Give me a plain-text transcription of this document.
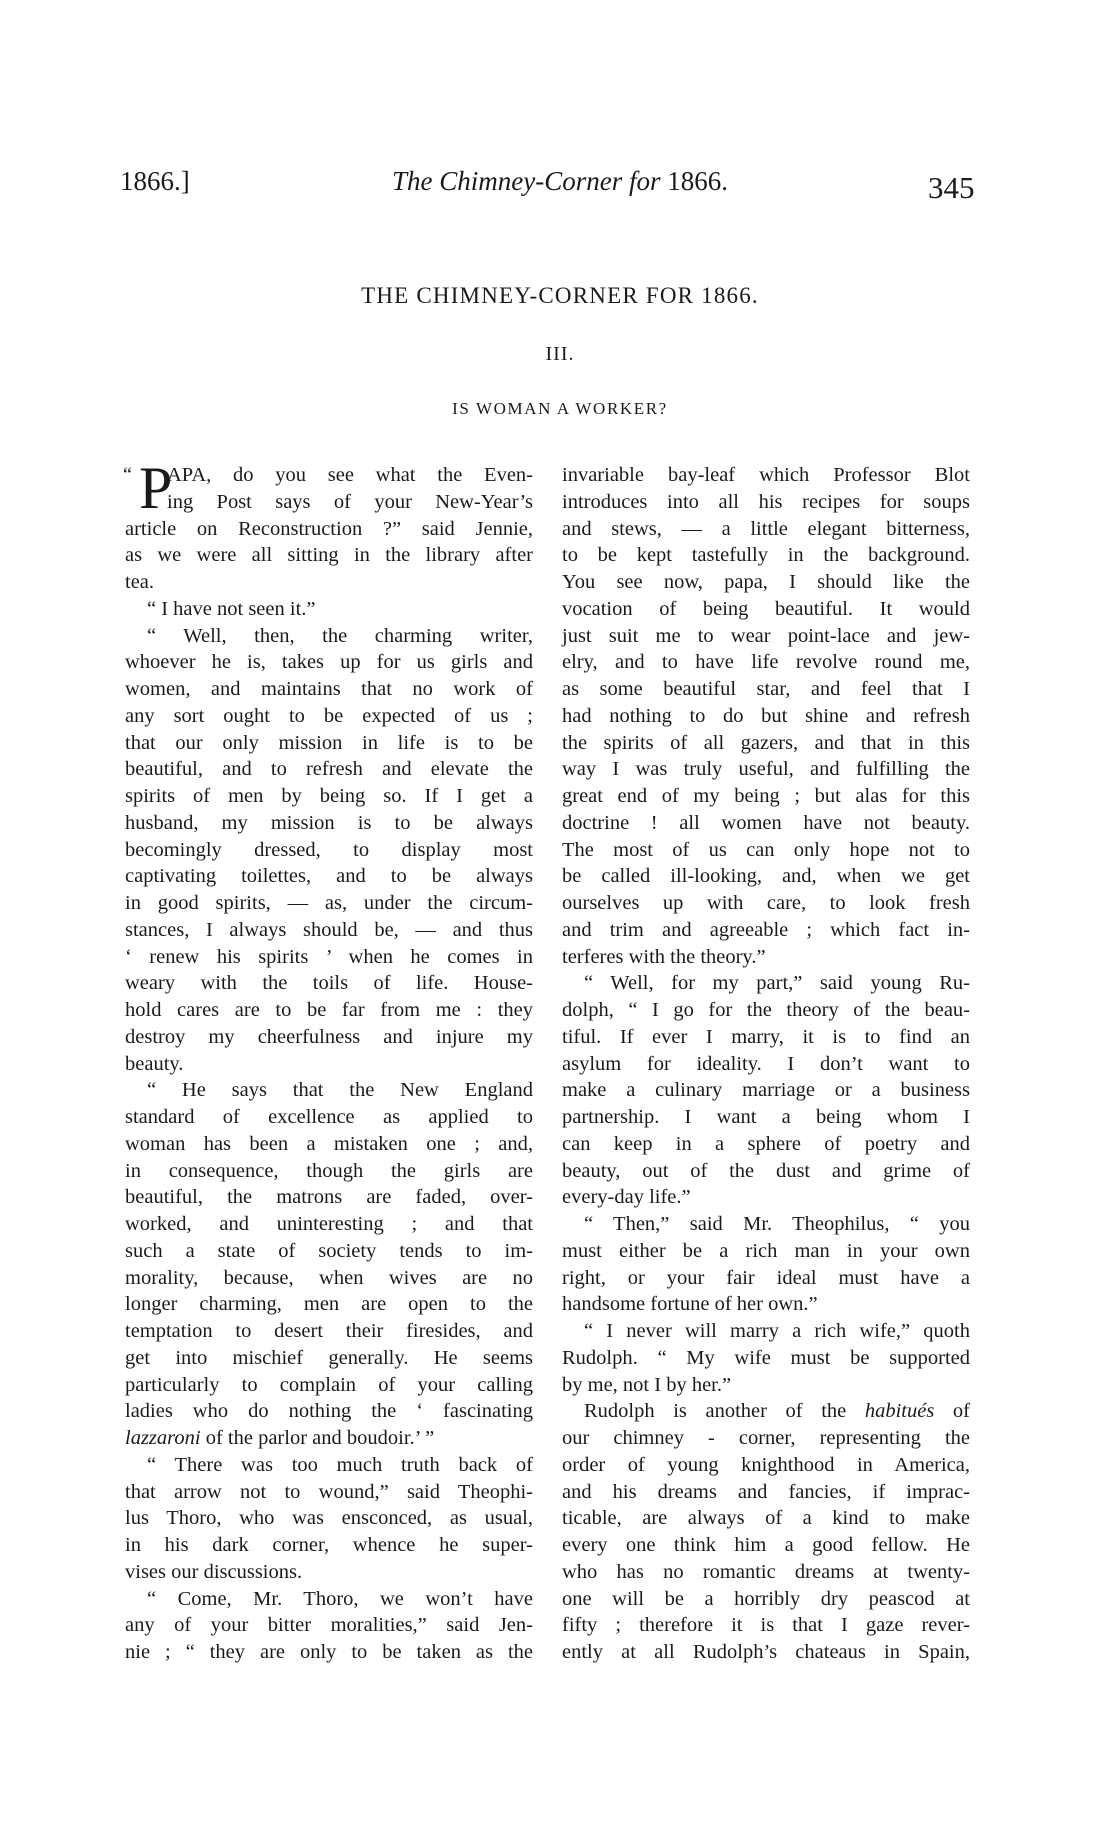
1866.]	The Chimney-Corner for 1866.	345
THE CHIMNEY-CORNER FOR 1866.
III.
IS WOMAN A WORKER?
“ P
APA, do you see what the Even-
ing Post says of your New-Year’s
article on Reconstruction ?” said Jennie,
as we were all sitting in the library after
tea.
“ I have not seen it.”
“ Well, then, the charming writer,
whoever he is, takes up for us girls and
women, and maintains that no work of
any sort ought to be expected of us ;
that our only mission in life is to be
beautiful, and to refresh and elevate the
spirits of men by being so. If I get a
husband, my mission is to be always
becomingly dressed, to display most
captivating toilettes, and to be always
in good spirits, — as, under the circum-
stances, I always should be, — and thus
‘ renew his spirits ’ when he comes in
weary with the toils of life. House-
hold cares are to be far from me : they
destroy my cheerfulness and injure my
beauty.
“ He says that the New England
standard of excellence as applied to
woman has been a mistaken one ; and,
in consequence, though the girls are
beautiful, the matrons are faded, over-
worked, and uninteresting ; and that
such a state of society tends to im-
morality, because, when wives are no
longer charming, men are open to the
temptation to desert their firesides, and
get into mischief generally. He seems
particularly to complain of your calling
ladies who do nothing the ‘ fascinating
lazzaroni of the parlor and boudoir.’ ”
“ There was too much truth back of
that arrow not to wound,” said Theophi-
lus Thoro, who was ensconced, as usual,
in his dark corner, whence he super-
vises our discussions.
“ Come, Mr. Thoro, we won’t have
any of your bitter moralities,” said Jen-
nie ; “ they are only to be taken as the
invariable bay-leaf which Professor Blot
introduces into all his recipes for soups
and stews, — a little elegant bitterness,
to be kept tastefully in the background.
You see now, papa, I should like the
vocation of being beautiful. It would
just suit me to wear point-lace and jew-
elry, and to have life revolve round me,
as some beautiful star, and feel that I
had nothing to do but shine and refresh
the spirits of all gazers, and that in this
way I was truly useful, and fulfilling the
great end of my being ; but alas for this
doctrine ! all women have not beauty.
The most of us can only hope not to
be called ill-looking, and, when we get
ourselves up with care, to look fresh
and trim and agreeable ; which fact in-
terferes with the theory.”
“ Well, for my part,” said young Ru-
dolph, “ I go for the theory of the beau-
tiful. If ever I marry, it is to find an
asylum for ideality. I don’t want to
make a culinary marriage or a business
partnership. I want a being whom I
can keep in a sphere of poetry and
beauty, out of the dust and grime of
every-day life.”
“ Then,” said Mr. Theophilus, “ you
must either be a rich man in your own
right, or your fair ideal must have a
handsome fortune of her own.”
“ I never will marry a rich wife,” quoth
Rudolph. “ My wife must be supported
by me, not I by her.”
Rudolph is another of the habitués of
our chimney - corner, representing the
order of young knighthood in America,
and his dreams and fancies, if imprac-
ticable, are always of a kind to make
every one think him a good fellow. He
who has no romantic dreams at twenty-
one will be a horribly dry peascod at
fifty ; therefore it is that I gaze rever-
ently at all Rudolph’s chateaus in Spain,
